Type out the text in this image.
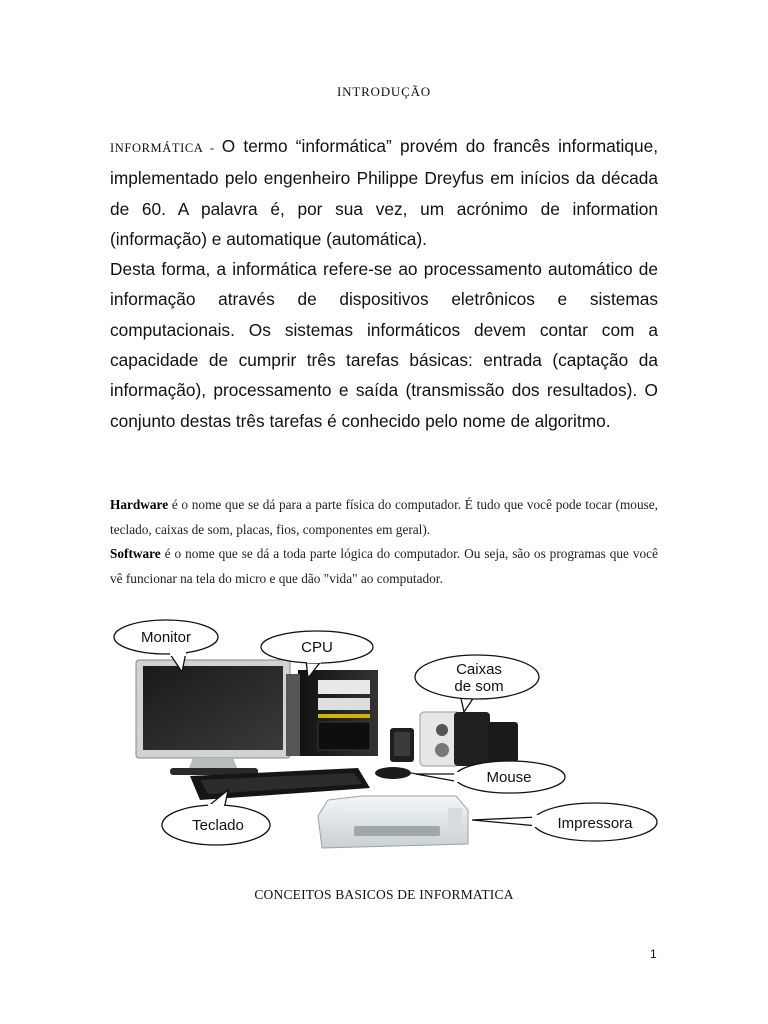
INTRODUÇÃO

INFORMÁTICA - O termo “informática” provém do francês informatique, implementado pelo engenheiro Philippe Dreyfus em inícios da década de 60. A palavra é, por sua vez, um acrónimo de information (informação) e automatique (automática).

Desta forma, a informática refere-se ao processamento automático de informação através de dispositivos eletrônicos e sistemas computacionais. Os sistemas informáticos devem contar com a capacidade de cumprir três tarefas básicas: entrada (captação da informação), processamento e saída (transmissão dos resultados). O conjunto destas três tarefas é conhecido pelo nome de algoritmo.

Hardware é o nome que se dá para a parte física do computador. É tudo que você pode tocar (mouse, teclado, caixas de som, placas, fios, componentes em geral).

Software é o nome que se dá a toda parte lógica do computador. Ou seja, são os programas que você vê funcionar na tela do micro e que dão "vida" ao computador.

Monitor
CPU
Caixas
de som
Mouse
Teclado	Impressora
CONCEITOS BASICOS DE INFORMATICA
1
